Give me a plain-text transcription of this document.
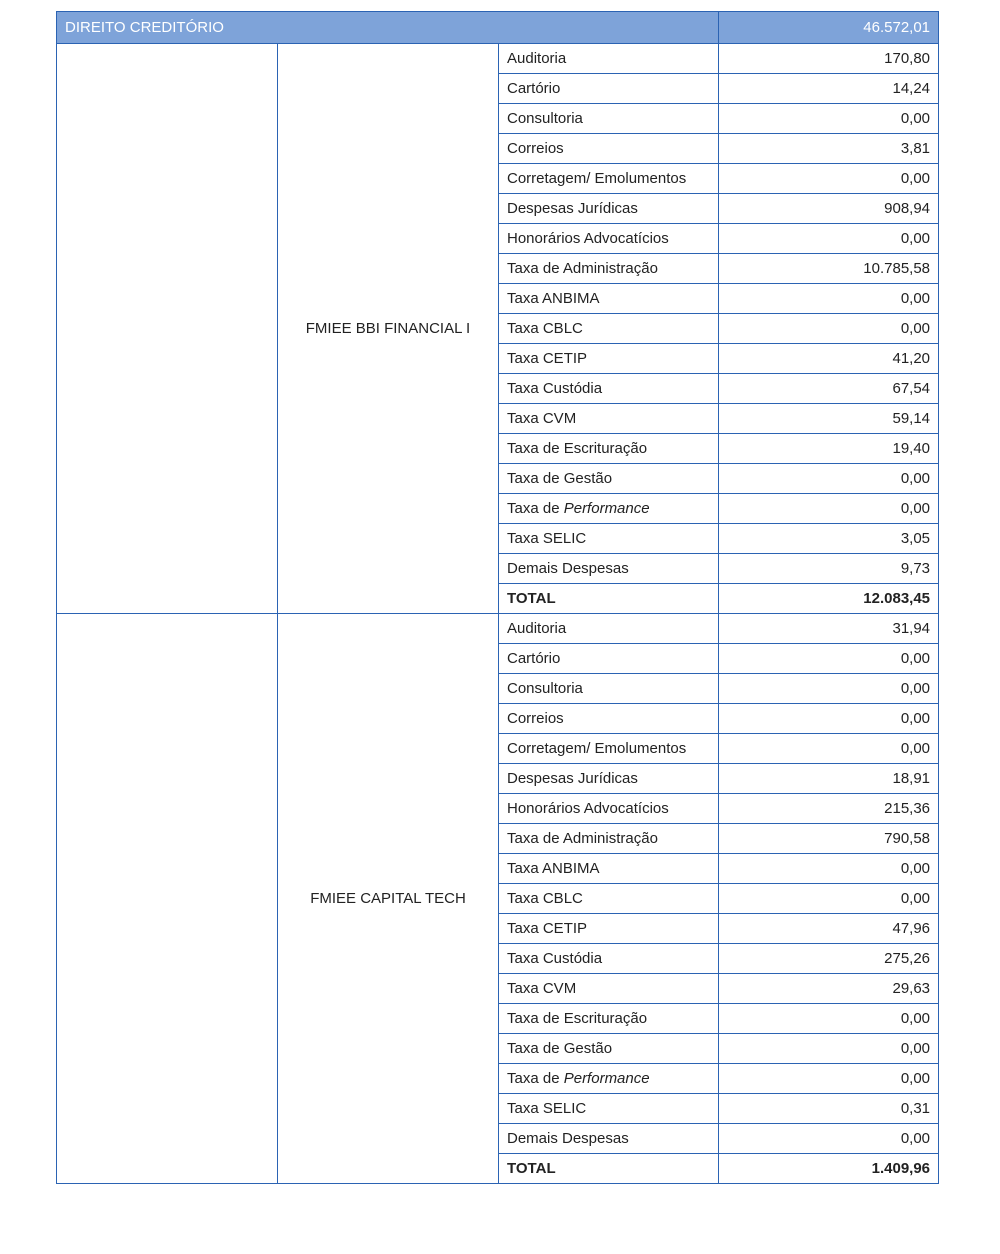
DIREITO CREDITÓRIO			46.572,01
	FMIEE BBI FINANCIAL I	Auditoria	170,80
		Cartório	14,24
		Consultoria	0,00
		Correios	3,81
		Corretagem/ Emolumentos	0,00
		Despesas Jurídicas	908,94
		Honorários Advocatícios	0,00
		Taxa de Administração	10.785,58
		Taxa ANBIMA	0,00
		Taxa CBLC	0,00
		Taxa CETIP	41,20
		Taxa Custódia	67,54
		Taxa CVM	59,14
		Taxa de Escrituração	19,40
		Taxa de Gestão	0,00
		Taxa de Performance	0,00
		Taxa SELIC	3,05
		Demais Despesas	9,73
		TOTAL	12.083,45
	FMIEE CAPITAL TECH	Auditoria	31,94
		Cartório	0,00
		Consultoria	0,00
		Correios	0,00
		Corretagem/ Emolumentos	0,00
		Despesas Jurídicas	18,91
		Honorários Advocatícios	215,36
		Taxa de Administração	790,58
		Taxa ANBIMA	0,00
		Taxa CBLC	0,00
		Taxa CETIP	47,96
		Taxa Custódia	275,26
		Taxa CVM	29,63
		Taxa de Escrituração	0,00
		Taxa de Gestão	0,00
		Taxa de Performance	0,00
		Taxa SELIC	0,31
		Demais Despesas	0,00
		TOTAL	1.409,96
